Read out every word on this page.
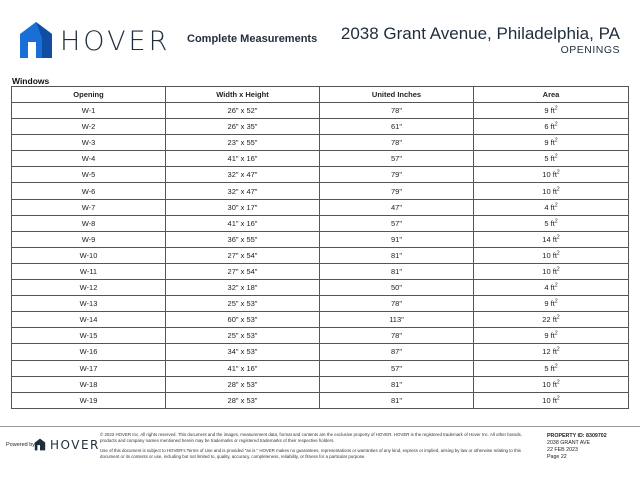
HOVER Complete Measurements 2038 Grant Avenue, Philadelphia, PA
OPENINGS
Windows
Opening	Width x Height	United Inches	Area
W-1	26" x 52"	78"	9 $ft^2$
W-2	26" x 35"	61"	6 $ft^2$
W-3	23" x 55"	78"	9 $ft^2$
W-4	41" x 16"	57"	5 $ft^2$
W-5	32" x 47"	79"	10 $ft^2$
W-6	32" x 47"	79"	10 $ft^2$
W-7	30" x 17"	47"	4 $ft^2$
W-8	41" x 16"	57"	5 $ft^2$
W-9	36" x 55"	91"	14 $ft^2$
W-10	27" x 54"	81"	10 $ft^2$
W-11	27" x 54"	81"	10 $ft^2$
W-12	32" x 18"	50"	4 $ft^2$
W-13	25" x 53"	78"	9 $ft^2$
W-14	60" x 53"	113"	22 $ft^2$
W-15	25" x 53"	78"	9 $ft^2$
W-16	34" x 53"	87"	12 $ft^2$
W-17	41" x 16"	57"	5 $ft^2$
W-18	28" x 53"	81"	10 $ft^2$
W-19	28" x 53"	81"	10 $ft^2$
Powered by HOVER

© 2023 HOVER Inc. All rights reserved. This document and the images, measurement data, format and contents are the exclusive property of HOVER. HOVER is the registered trademark of Hover Inc. All other brands, products and company names mentioned herein may be trademarks or registered trademarks of their respective holders.

Use of this document is subject to HOVER's Terms of Use and is provided "as is." HOVER makes no guarantees, representations or warranties of any kind, express or implied, arising by law or otherwise relating to this document or its contents or use, including but not limited to, quality, accuracy, completeness, reliability, or fitness for a particular purpose.

PROPERTY ID: 8309702
2038 GRANT AVE
22 FEB 2023
Page 22
